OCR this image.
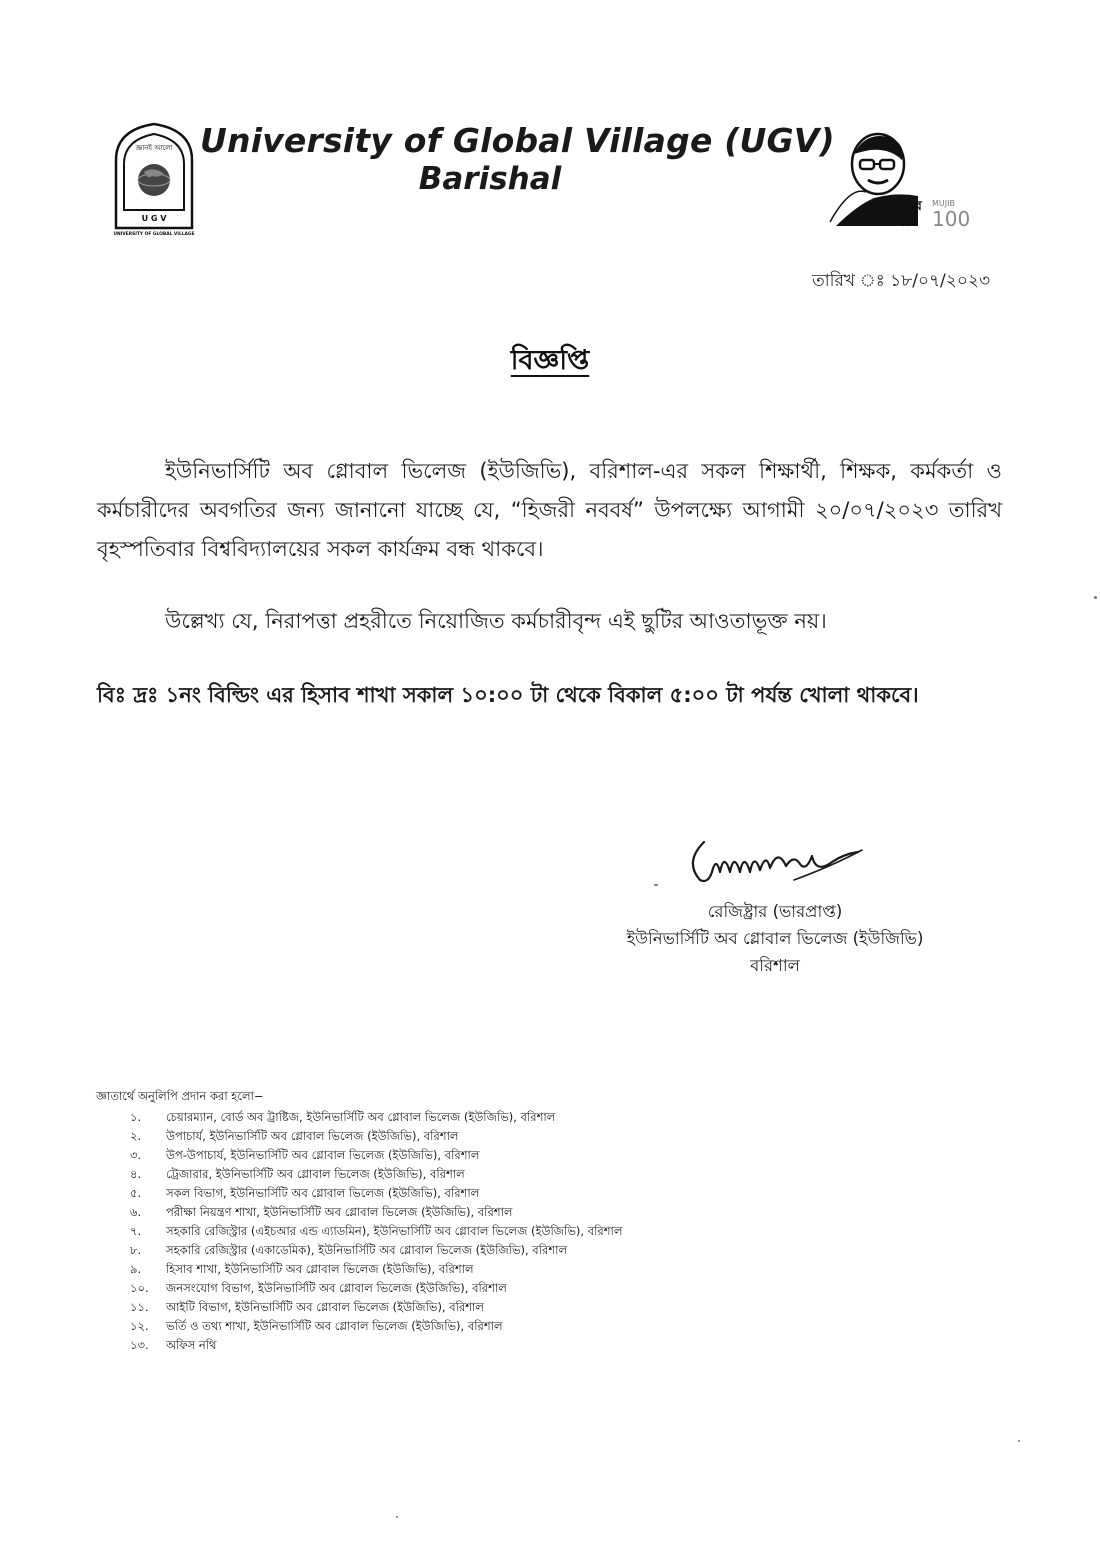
জ্ঞানই আলো
U G V
UNIVERSITY OF GLOBAL VILLAGE
University of Global Village (UGV)
Barishal
মুজিব
বর্ষ
MUJIB
100
তারিখ ঃ ১৮/০৭/২০২৩
বিজ্ঞপ্তি
ইউনিভার্সিটি অব গ্লোবাল ভিলেজ (ইউজিভি), বরিশাল-এর সকল শিক্ষার্থী, শিক্ষক, কর্মকর্তা ও কর্মচারীদের অবগতির জন্য জানানো যাচ্ছে যে, “হিজরী নববর্ষ” উপলক্ষ্যে আগামী ২০/০৭/২০২৩ তারিখ বৃহস্পতিবার বিশ্ববিদ্যালয়ের সকল কার্যক্রম বন্ধ থাকবে।
উল্লেখ্য যে, নিরাপত্তা প্রহরীতে নিয়োজিত কর্মচারীবৃন্দ এই ছুটির আওতাভূক্ত নয়।
বিঃ দ্রঃ ১নং বিল্ডিং এর হিসাব শাখা সকাল ১০:০০ টা থেকে বিকাল ৫:০০ টা পর্যন্ত খোলা থাকবে।
রেজিষ্ট্রার (ভারপ্রাপ্ত)
ইউনিভার্সিটি অব গ্লোবাল ভিলেজ (ইউজিভি)
বরিশাল
জ্ঞাতার্থে অনুলিপি প্রদান করা হলো−
১.	চেয়ারম্যান, বোর্ড অব ট্রাষ্টিজ, ইউনিভার্সিটি অব গ্লোবাল ভিলেজ (ইউজিভি), বরিশাল
২.	উপাচার্য, ইউনিভার্সিটি অব গ্লোবাল ভিলেজ (ইউজিভি), বরিশাল
৩.	উপ-উপাচার্য, ইউনিভার্সিটি অব গ্লোবাল ভিলেজ (ইউজিভি), বরিশাল
৪.	ট্রেজারার, ইউনিভার্সিটি অব গ্লোবাল ভিলেজ (ইউজিভি), বরিশাল
৫.	সকল বিভাগ, ইউনিভার্সিটি অব গ্লোবাল ভিলেজ (ইউজিভি), বরিশাল
৬.	পরীক্ষা নিয়ন্ত্রণ শাখা, ইউনিভার্সিটি অব গ্লোবাল ভিলেজ (ইউজিভি), বরিশাল
৭.	সহকারি রেজিস্ট্রার (এইচআর এন্ড এ্যাডমিন), ইউনিভার্সিটি অব গ্লোবাল ভিলেজ (ইউজিভি), বরিশাল
৮.	সহকারি রেজিস্ট্রার (একাডেমিক), ইউনিভার্সিটি অব গ্লোবাল ভিলেজ (ইউজিভি), বরিশাল
৯.	হিসাব শাখা, ইউনিভার্সিটি অব গ্লোবাল ভিলেজ (ইউজিভি), বরিশাল
১০.	জনসংযোগ বিভাগ, ইউনিভার্সিটি অব গ্লোবাল ভিলেজ (ইউজিভি), বরিশাল
১১.	আইটি বিভাগ, ইউনিভার্সিটি অব গ্লোবাল ভিলেজ (ইউজিভি), বরিশাল
১২.	ভর্তি ও তথ্য শাখা, ইউনিভার্সিটি অব গ্লোবাল ভিলেজ (ইউজিভি), বরিশাল
১৩.	অফিস নথি
